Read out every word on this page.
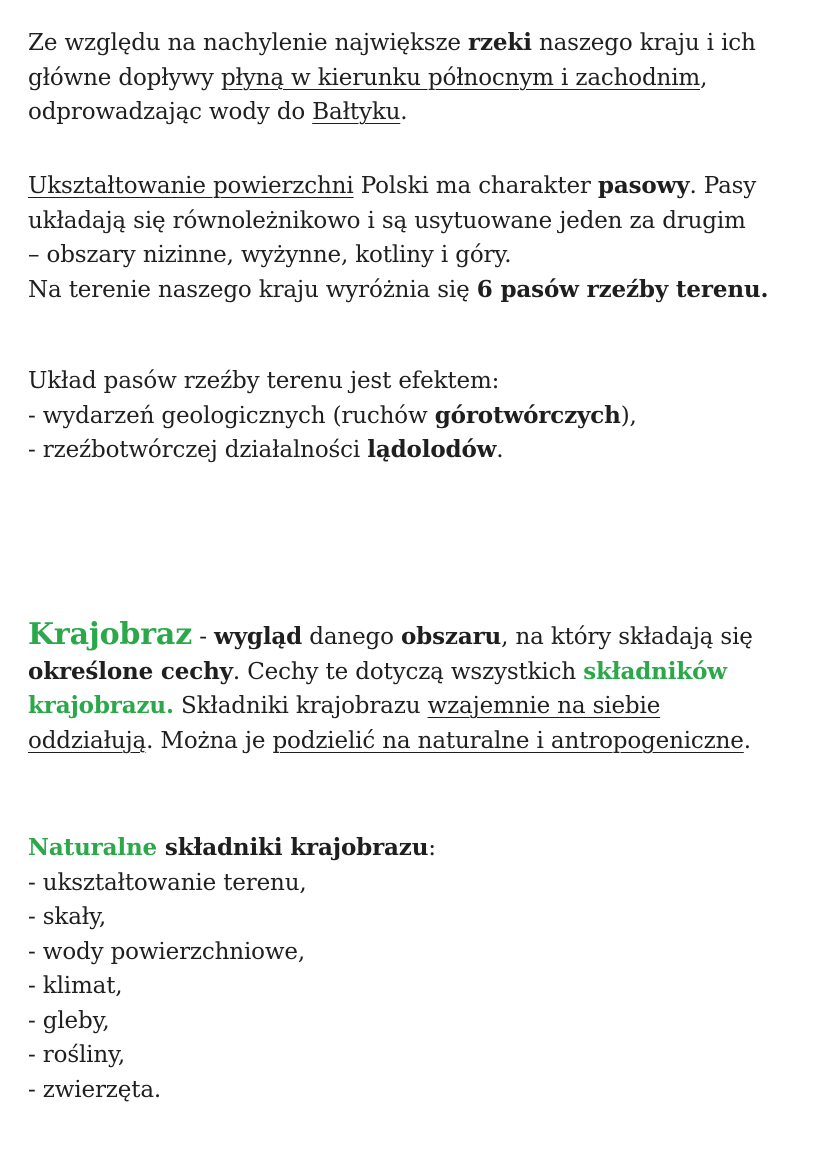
Ze względu na nachylenie największe rzeki naszego kraju i ich
główne dopływy płyną w kierunku północnym i zachodnim,
odprowadzając wody do Bałtyku.
Ukształtowanie powierzchni Polski ma charakter pasowy. Pasy
układają się równoleżnikowo i są usytuowane jeden za drugim
– obszary nizinne, wyżynne, kotliny i góry.
Na terenie naszego kraju wyróżnia się 6 pasów rzeźby terenu.
Układ pasów rzeźby terenu jest efektem:
- wydarzeń geologicznych (ruchów górotwórczych),
- rzeźbotwórczej działalności lądolodów.
Krajobraz - wygląd danego obszaru, na który składają się
określone cechy. Cechy te dotyczą wszystkich składników
krajobrazu. Składniki krajobrazu wzajemnie na siebie
oddziałują. Można je podzielić na naturalne i antropogeniczne.
Naturalne składniki krajobrazu:
- ukształtowanie terenu,
- skały,
- wody powierzchniowe,
- klimat,
- gleby,
- rośliny,
- zwierzęta.
